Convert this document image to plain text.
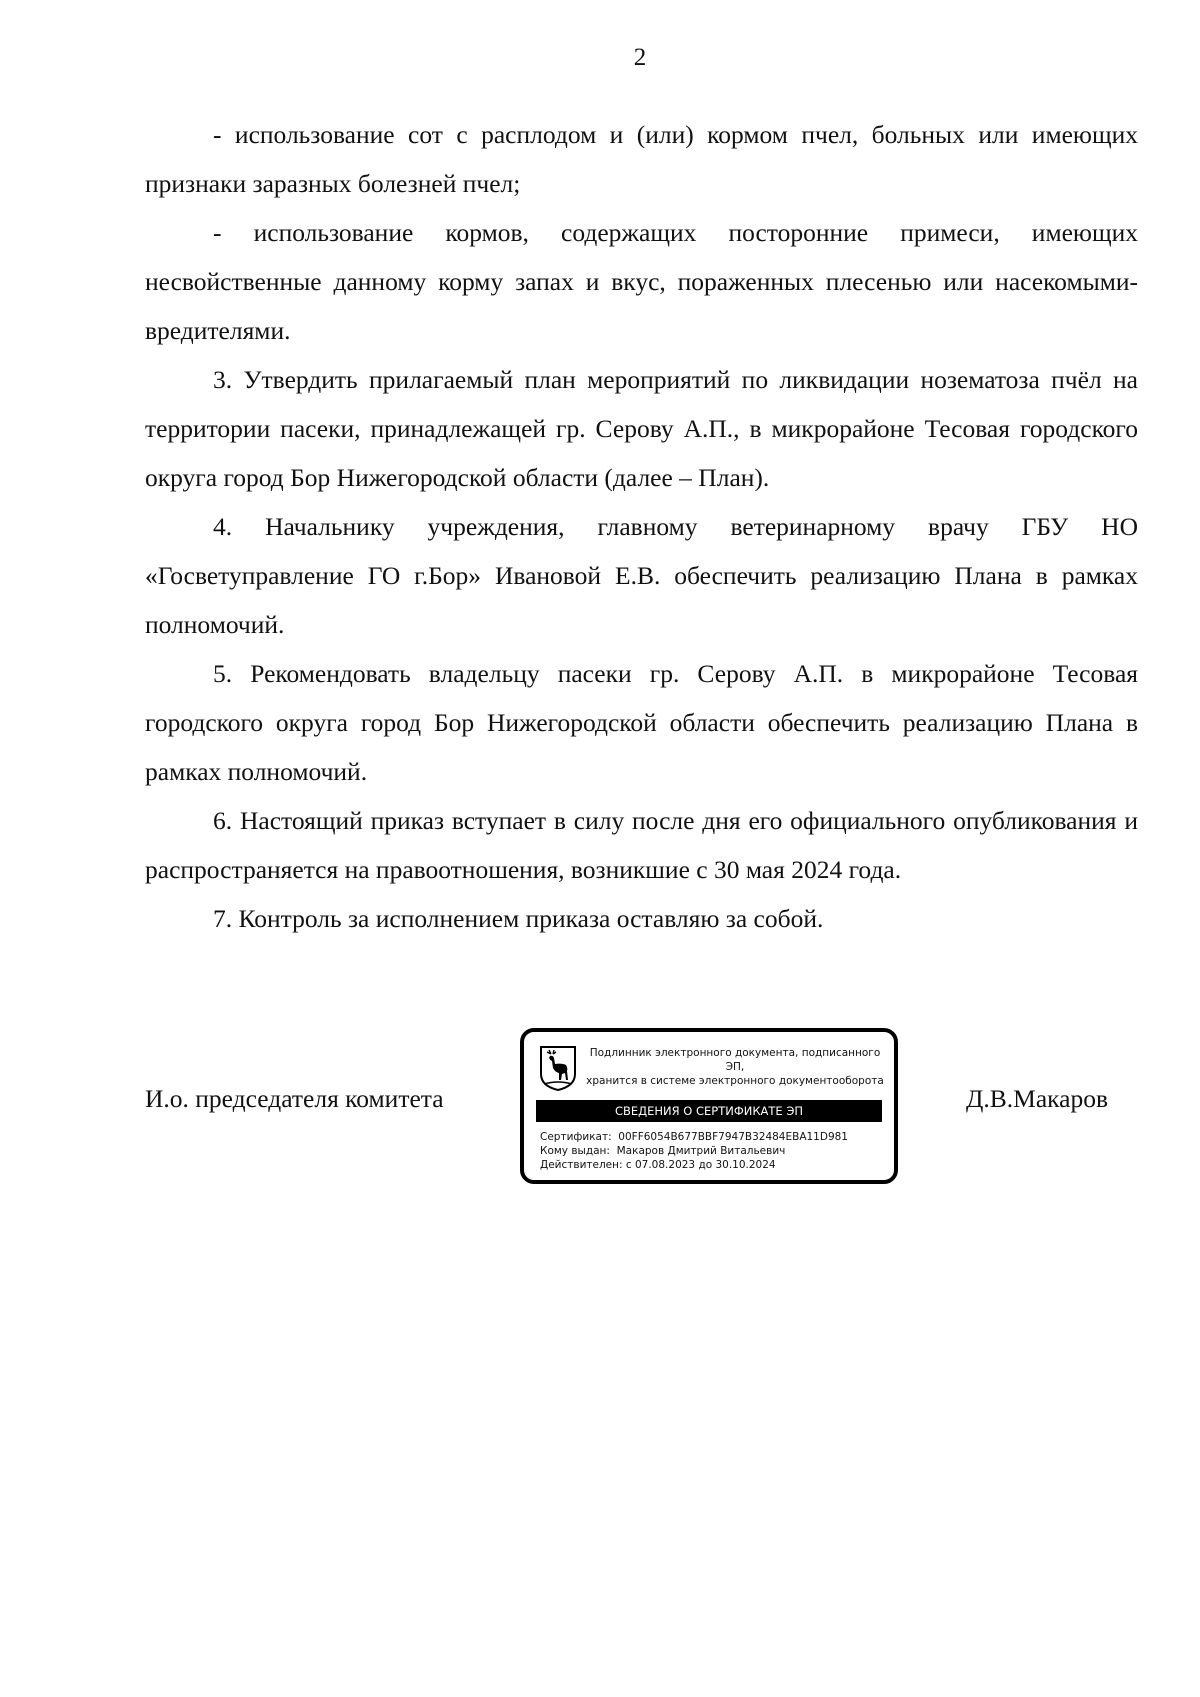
2

- использование сот с расплодом и (или) кормом пчел, больных или имеющих признаки заразных болезней пчел;

- использование кормов, содержащих посторонние примеси, имеющих несвойственные данному корму запах и вкус, пораженных плесенью или насекомыми-вредителями.

3. Утвердить прилагаемый план мероприятий по ликвидации нозематоза пчёл на территории пасеки, принадлежащей гр. Серову А.П., в микрорайоне Тесовая городского округа город Бор Нижегородской области (далее – План).

4. Начальнику учреждения, главному ветеринарному врачу ГБУ НО «Госветуправление ГО г.Бор» Ивановой Е.В. обеспечить реализацию Плана в рамках полномочий.

5. Рекомендовать владельцу пасеки гр. Серову А.П. в микрорайоне Тесовая городского округа город Бор Нижегородской области обеспечить реализацию Плана в рамках полномочий.

6. Настоящий приказ вступает в силу после дня его официального опубликования и распространяется на правоотношения, возникшие с 30 мая 2024 года.

7. Контроль за исполнением приказа оставляю за собой.

И.о. председателя комитета
Подлинник электронного документа, подписанного ЭП,
хранится в системе электронного документооборота
СВЕДЕНИЯ О СЕРТИФИКАТЕ ЭП
Сертификат:  00FF6054B677BBF7947B32484EBA11D981
Кому выдан:  Макаров Дмитрий Витальевич
Действителен: с 07.08.2023 до 30.10.2024
Д.В.Макаров
